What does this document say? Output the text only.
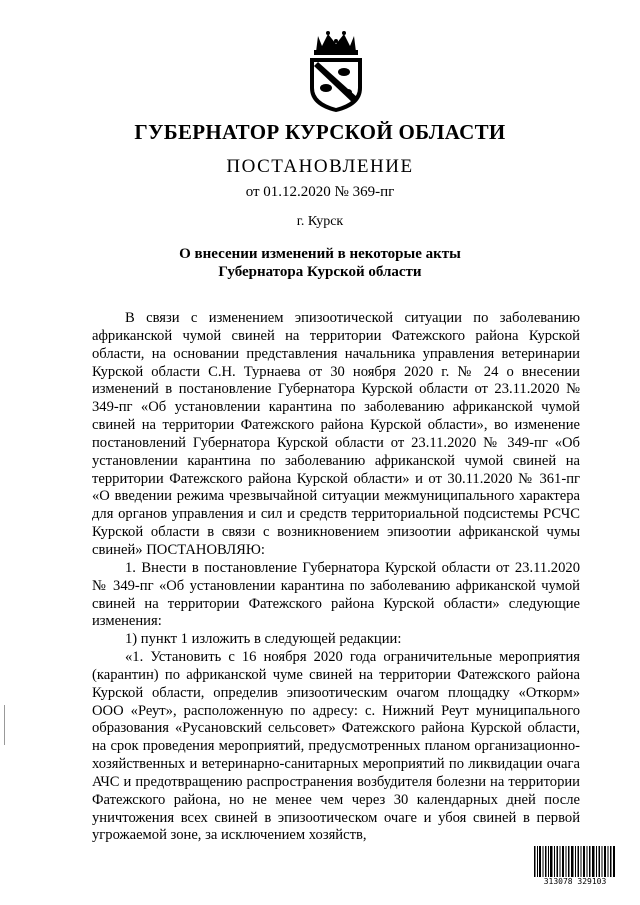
ГУБЕРНАТОР КУРСКОЙ ОБЛАСТИ
ПОСТАНОВЛЕНИЕ
от 01.12.2020 № 369-пг
г. Курск
О внесении изменений в некоторые акты
Губернатора Курской области

В связи с изменением эпизоотической ситуации по заболеванию африканской чумой свиней на территории Фатежского района Курской области, на основании представления начальника управления ветеринарии Курской области С.Н. Турнаева от 30 ноября 2020 г. № 24 о внесении изменений в постановление Губернатора Курской области от 23.11.2020 № 349-пг «Об установлении карантина по заболеванию африканской чумой свиней на территории Фатежского района Курской области», во изменение постановлений Губернатора Курской области от 23.11.2020 № 349-пг «Об установлении карантина по заболеванию африканской чумой свиней на территории Фатежского района Курской области» и от 30.11.2020 № 361-пг «О введении режима чрезвычайной ситуации межмуниципального характера для органов управления и сил и средств территориальной подсистемы РСЧС Курской области в связи с возникновением эпизоотии африканской чумы свиней» ПОСТАНОВЛЯЮ:

1. Внести в постановление Губернатора Курской области от 23.11.2020 № 349-пг «Об установлении карантина по заболеванию африканской чумой свиней на территории Фатежского района Курской области» следующие изменения:

1) пункт 1 изложить в следующей редакции:

«1. Установить с 16 ноября 2020 года ограничительные мероприятия (карантин) по африканской чуме свиней на территории Фатежского района Курской области, определив эпизоотическим очагом площадку «Откорм» ООО «Реут», расположенную по адресу: с. Нижний Реут муниципального образования «Русановский сельсовет» Фатежского района Курской области, на срок проведения мероприятий, предусмотренных планом организационно-хозяйственных и ветеринарно-санитарных мероприятий по ликвидации очага АЧС и предотвращению распространения возбудителя болезни на территории Фатежского района, но не менее чем через 30 календарных дней после уничтожения всех свиней в эпизоотическом очаге и убоя свиней в первой угрожаемой зоне, за исключением хозяйств,

313078 329103
